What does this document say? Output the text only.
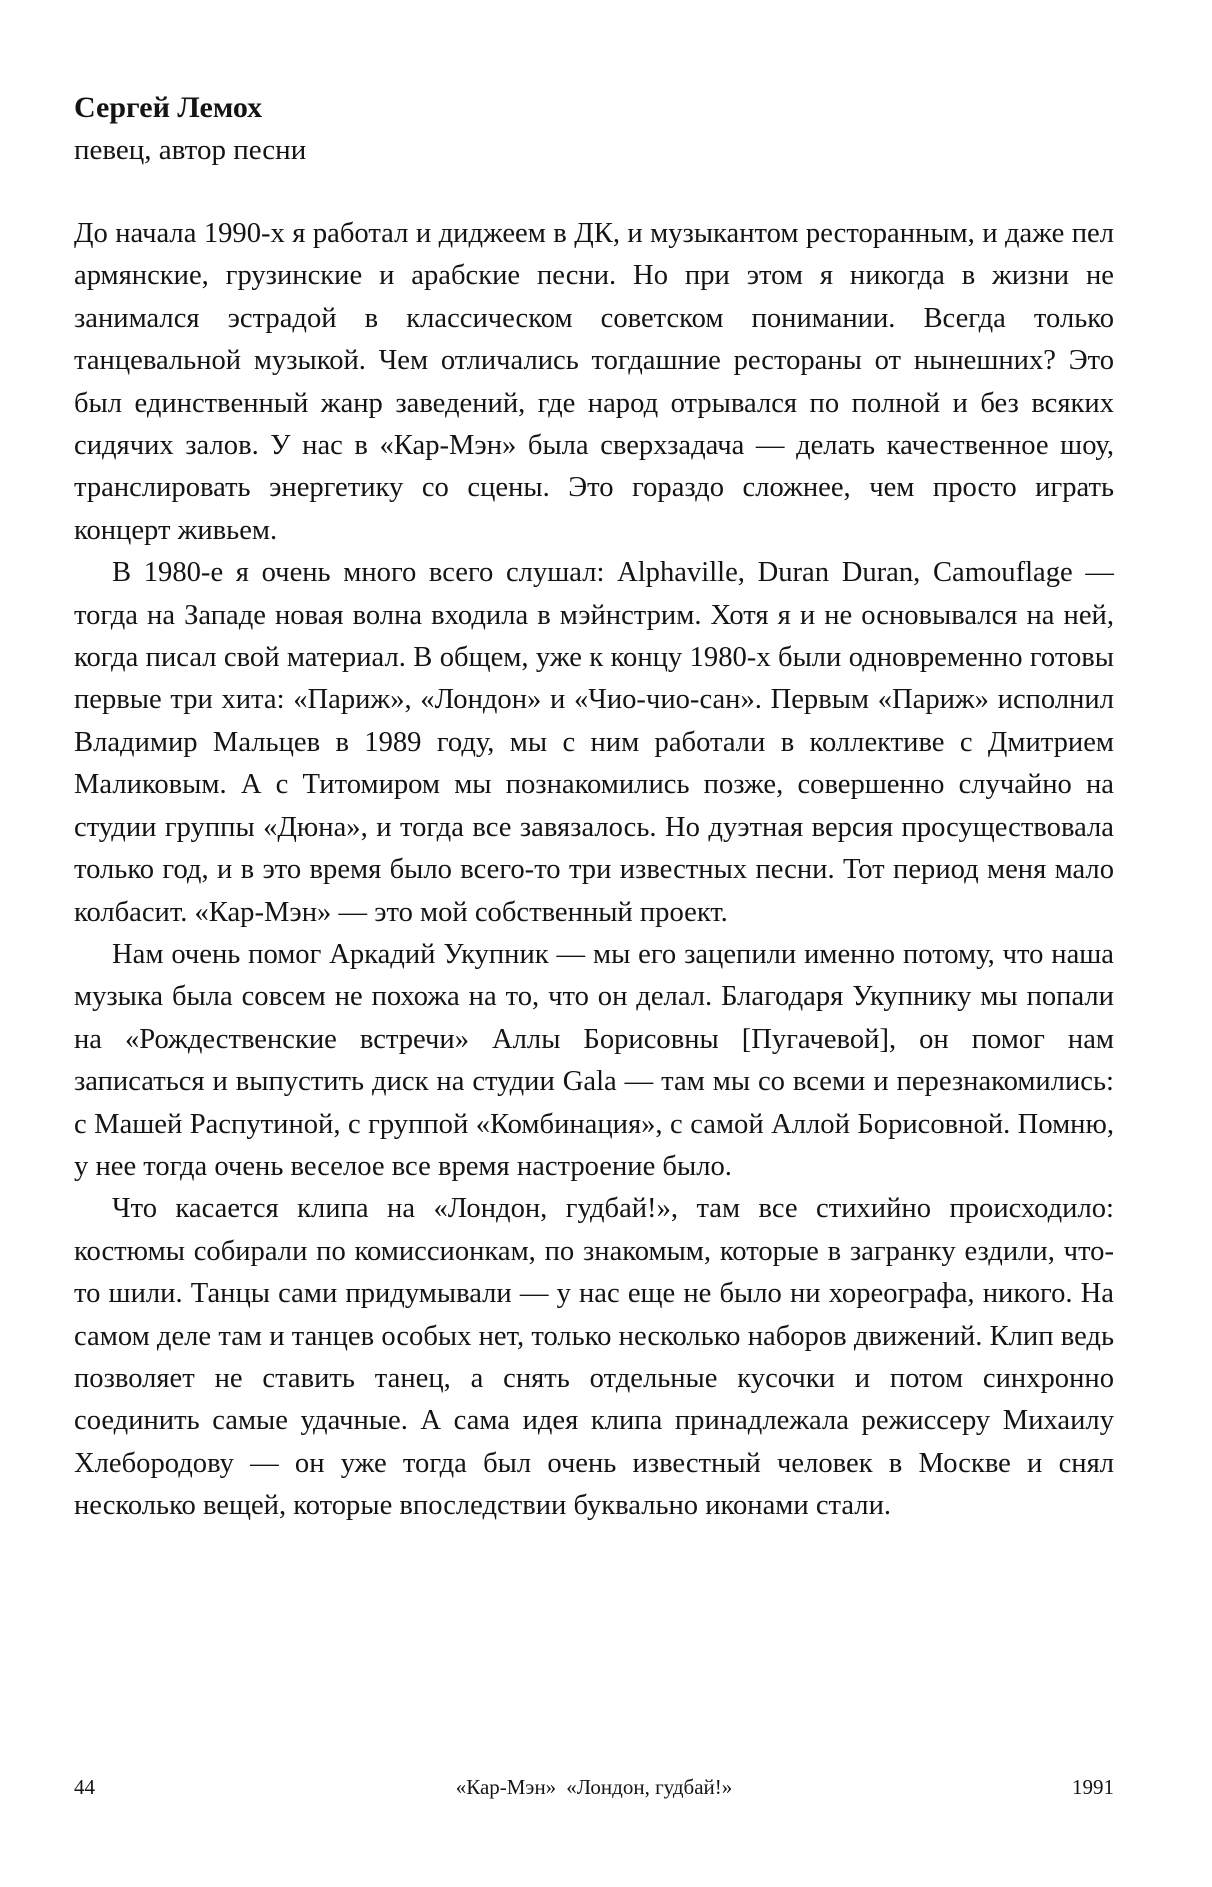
Сергей Лемох

певец, автор песни

До начала 1990-х я работал и диджеем в ДК, и музыкантом ресторанным, и даже пел армянские, грузинские и арабские песни. Но при этом я никогда в жизни не занимался эстрадой в классическом советском понимании. Всегда только танцевальной музыкой. Чем отличались тогдашние рестораны от нынешних? Это был единственный жанр заведений, где народ отрывался по полной и без всяких сидячих залов. У нас в «Кар-Мэн» была сверхзадача — делать качественное шоу, транслировать энергетику со сцены. Это гораздо сложнее, чем просто играть концерт живьем.

В 1980-е я очень много всего слушал: Alphaville, Duran Duran, Camouflage — тогда на Западе новая волна входила в мэйнстрим. Хотя я и не основывался на ней, когда писал свой материал. В общем, уже к концу 1980-х были одновременно готовы первые три хита: «Париж», «Лондон» и «Чио-чио-сан». Первым «Париж» исполнил Владимир Мальцев в 1989 году, мы с ним работали в коллективе с Дмитрием Маликовым. А с Титомиром мы познакомились позже, совершенно случайно на студии группы «Дюна», и тогда все завязалось. Но дуэтная версия просуществовала только год, и в это время было всего-то три известных песни. Тот период меня мало колбасит. «Кар-Мэн» — это мой собственный проект.

Нам очень помог Аркадий Укупник — мы его зацепили именно потому, что наша музыка была совсем не похожа на то, что он делал. Благодаря Укупнику мы попали на «Рождественские встречи» Аллы Борисовны [Пугачевой], он помог нам записаться и выпустить диск на студии Gala — там мы со всеми и перезнакомились: с Машей Распутиной, с группой «Комбинация», с самой Аллой Борисовной. Помню, у нее тогда очень веселое все время настроение было.

Что касается клипа на «Лондон, гудбай!», там все стихийно происходило: костюмы собирали по комиссионкам, по знакомым, которые в загранку ездили, что-то шили. Танцы сами придумывали — у нас еще не было ни хореографа, никого. На самом деле там и танцев особых нет, только несколько наборов движений. Клип ведь позволяет не ставить танец, а снять отдельные кусочки и потом синхронно соединить самые удачные. А сама идея клипа принадлежала режиссеру Михаилу Хлебородову — он уже тогда был очень известный человек в Москве и снял несколько вещей, которые впоследствии буквально иконами стали.

44	«Кар-Мэн» «Лондон, гудбай!»	1991
